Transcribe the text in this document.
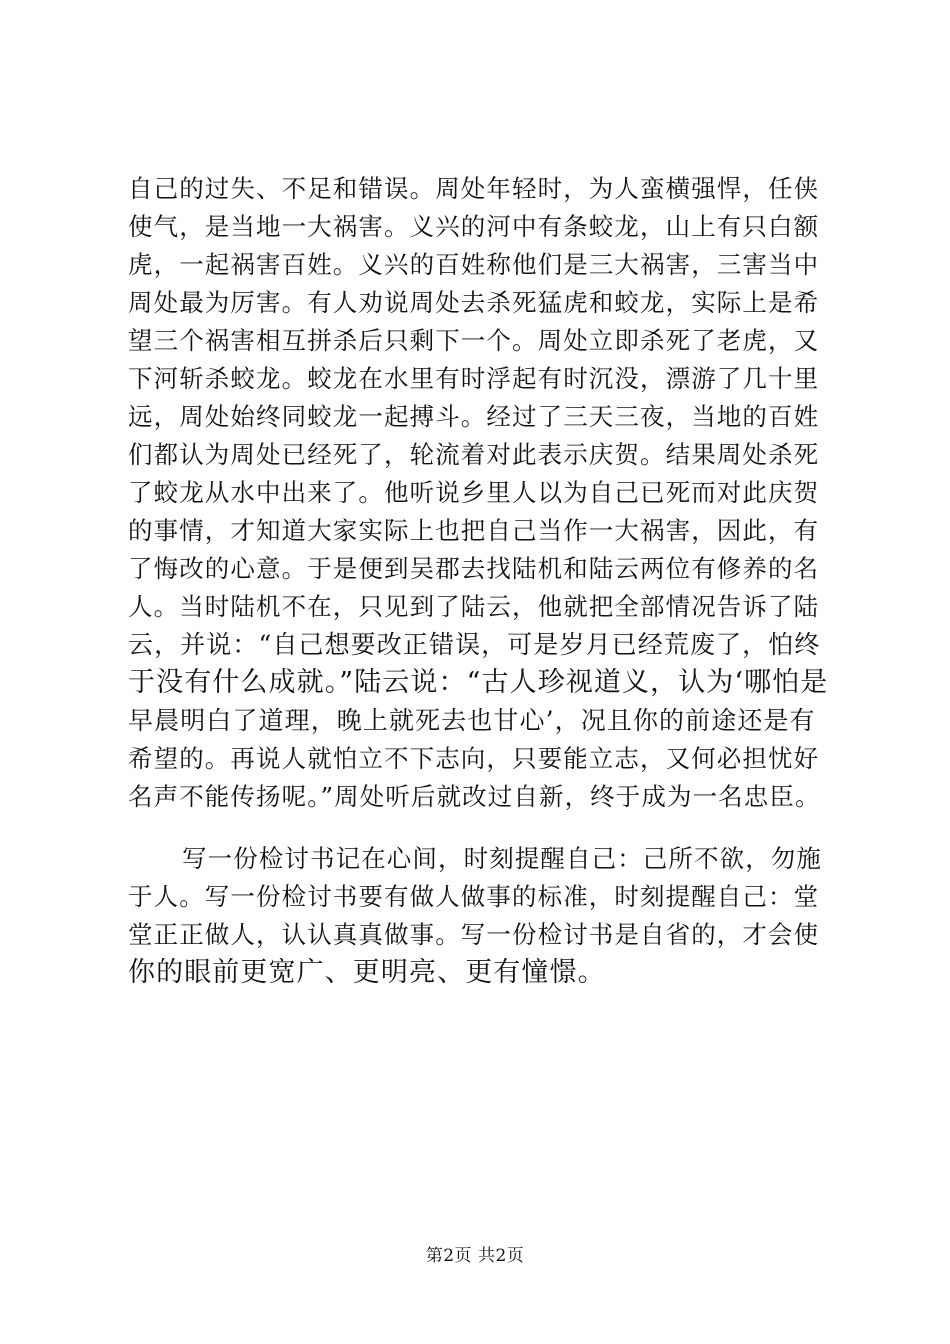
自己的过失、不足和错误。周处年轻时，为人蛮横强悍，任侠
使气，是当地一大祸害。义兴的河中有条蛟龙，山上有只白额
虎，一起祸害百姓。义兴的百姓称他们是三大祸害，三害当中
周处最为厉害。有人劝说周处去杀死猛虎和蛟龙，实际上是希
望三个祸害相互拼杀后只剩下一个。周处立即杀死了老虎，又
下河斩杀蛟龙。蛟龙在水里有时浮起有时沉没，漂游了几十里
远，周处始终同蛟龙一起搏斗。经过了三天三夜，当地的百姓
们都认为周处已经死了，轮流着对此表示庆贺。结果周处杀死
了蛟龙从水中出来了。他听说乡里人以为自己已死而对此庆贺
的事情，才知道大家实际上也把自己当作一大祸害，因此，有
了悔改的心意。于是便到吴郡去找陆机和陆云两位有修养的名
人。当时陆机不在，只见到了陆云，他就把全部情况告诉了陆
云，并说：“自己想要改正错误，可是岁月已经荒废了，怕终
于没有什么成就。”陆云说：“古人珍视道义，认为‘哪怕是
早晨明白了道理，晚上就死去也甘心’，况且你的前途还是有
希望的。再说人就怕立不下志向，只要能立志，又何必担忧好
名声不能传扬呢。”周处听后就改过自新，终于成为一名忠臣。
写一份检讨书记在心间，时刻提醒自己：己所不欲，勿施
于人。写一份检讨书要有做人做事的标准，时刻提醒自己：堂
堂正正做人，认认真真做事。写一份检讨书是自省的，才会使
你的眼前更宽广、更明亮、更有憧憬。
第2页 共2页
